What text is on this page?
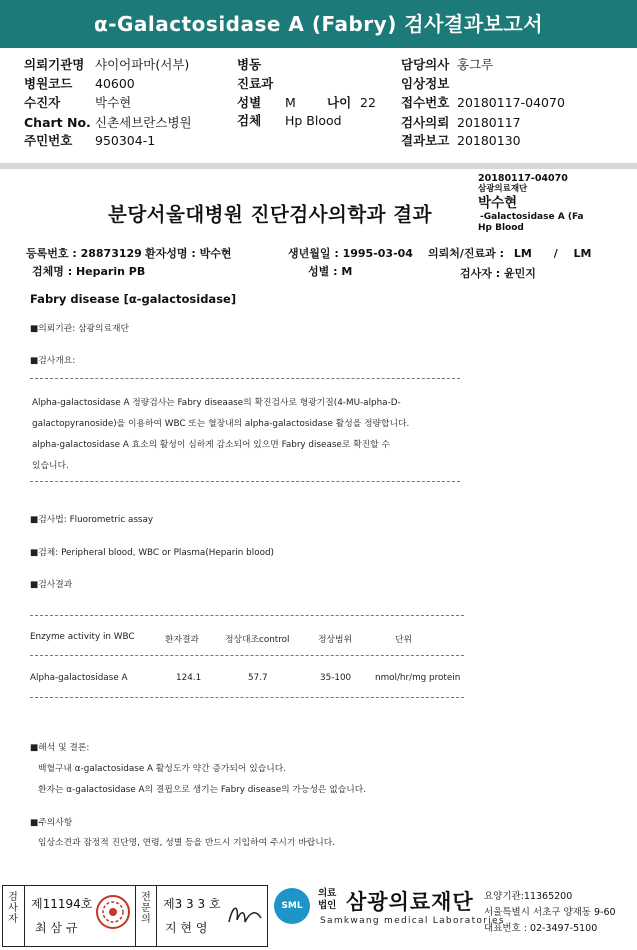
α-Galactosidase A (Fabry) 검사결과보고서
의뢰기관명 샤이어파마(서부)
병원코드 40600
수진자	박수현
Chart No. 신촌세브란스병원
주민번호 950304-1
병동
진료과
성별 M 나이 22
검체 Hp Blood
담당의사 홍그루
임상정보
접수번호 20180117-04070
검사의뢰 20180117
결과보고 20180130
20180117-04070
삼광의료재단
박수현
-Galactosidase A (Fa
Hp Blood
분당서울대병원 진단검사의학과 결과
등록번호 : 28873129 환자성명 : 박수현	생년월일 : 1995-03-04 의뢰처/진료과 : LM / LM
검체명 : Heparin PB	성별 : M	검사자 : 윤민지
Fabry disease [α-galactosidase]
■의뢰기관: 삼광의료재단
■검사개요:
Alpha-galactosidase A 정량검사는 Fabry diseaase의 확진검사로 형광기질(4-MU-alpha-D-
galactopyranoside)을 이용하여 WBC 또는 혈장내의 alpha-galactosidase 활성을 정량합니다.
alpha-galactosidase A 효소의 활성이 심하게 감소되어 있으면 Fabry disease로 확진할 수
있습니다.
■검사법: Fluorometric assay
■검체: Peripheral blood, WBC or Plasma(Heparin blood)
■검사결과
Enzyme activity in WBC	환자결과	정상대조control	정상범위	단위
Alpha-galactosidase A	124.1	57.7	35-100	nmol/hr/mg protein
■해석 및 결론:
백혈구내 α-galactosidase A 활성도가 약간 증가되어 있습니다.
환자는 α-galactosidase A의 결핍으로 생기는 Fabry disease의 가능성은 없습니다.
■주의사항
임상소견과 잠정적 진단명, 연령, 성별 등을 반드시 기입하여 주시기 바랍니다.
검사자
제11194호
최 삼 규
전문의
제3 3 3 호
지 현 영
SML
의료
법인 삼광의료재단
Samkwang medical Laboratories
요양기관:11365200
서울특별시 서초구 양재동 9-60
대표번호 : 02-3497-5100
